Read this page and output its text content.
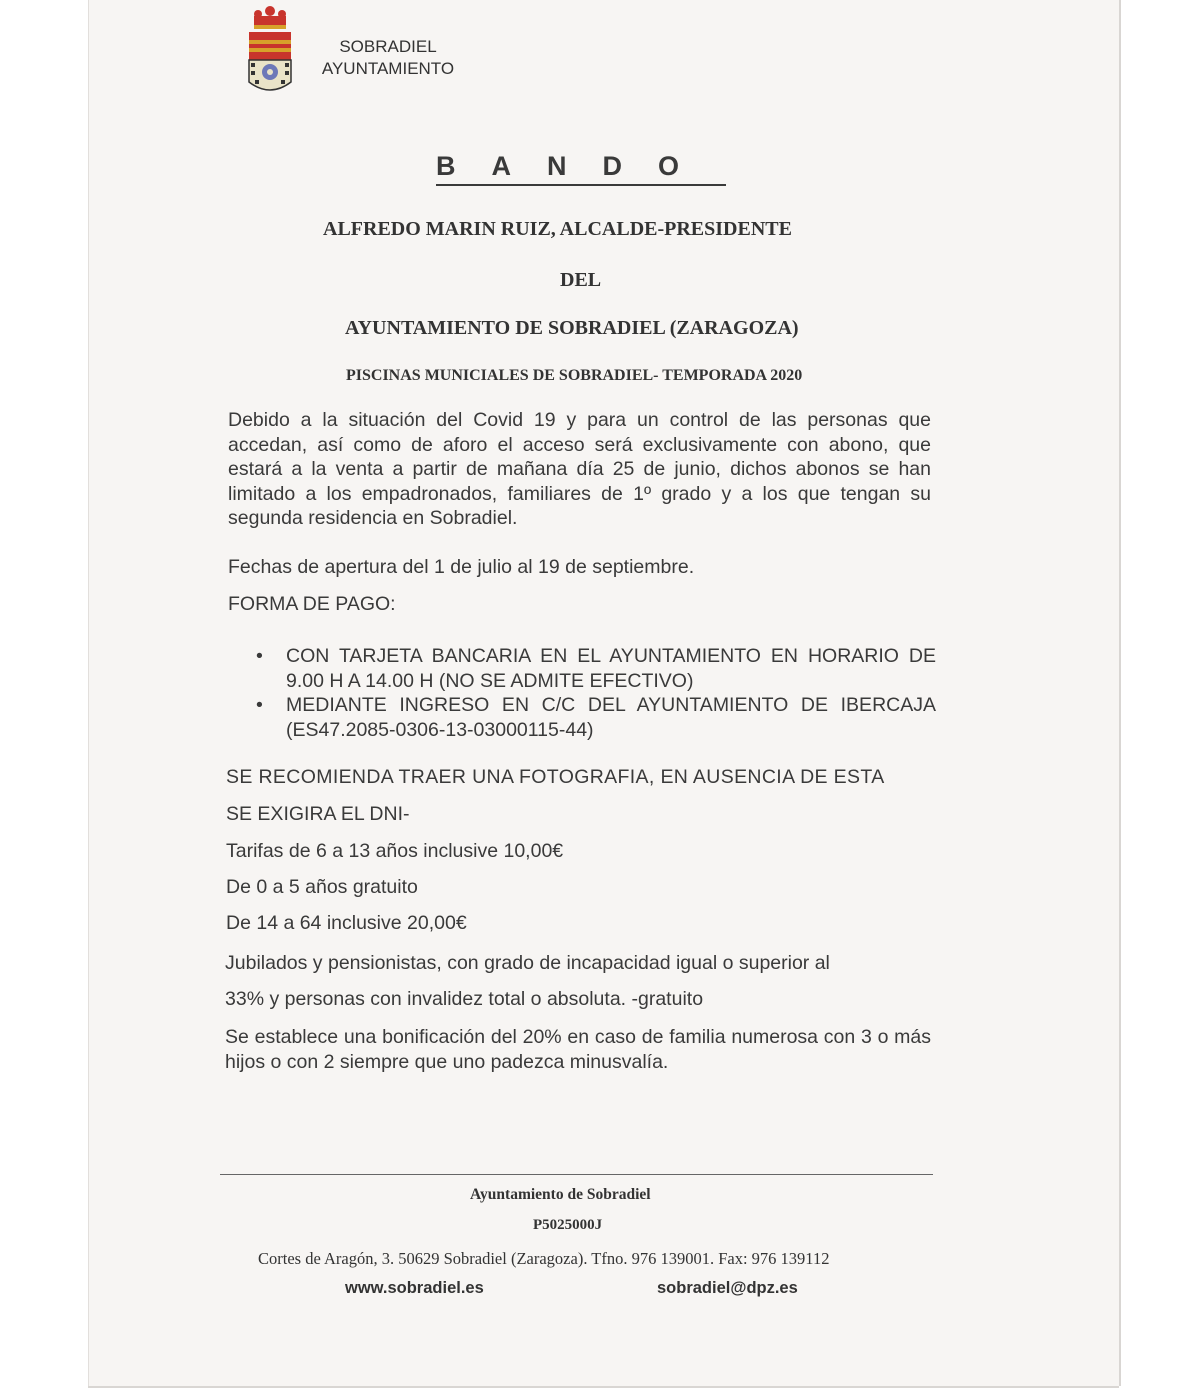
SOBRADIEL
AYUNTAMIENTO
BANDO
ALFREDO MARIN RUIZ, ALCALDE-PRESIDENTE
DEL
AYUNTAMIENTO DE SOBRADIEL (ZARAGOZA)
PISCINAS MUNICIALES DE SOBRADIEL- TEMPORADA 2020
Debido a la situación del Covid 19 y para un control de las personas que accedan, así como de aforo el acceso será exclusivamente con abono, que estará a la venta a partir de mañana día 25 de junio, dichos abonos se han limitado a los empadronados, familiares de 1º grado y a los que tengan su segunda residencia en Sobradiel.
Fechas de apertura del 1 de julio al 19 de septiembre.
FORMA DE PAGO:
•	CON TARJETA BANCARIA EN EL AYUNTAMIENTO EN HORARIO DE 9.00 H A 14.00 H (NO SE ADMITE EFECTIVO)
•	MEDIANTE INGRESO EN C/C DEL AYUNTAMIENTO DE IBERCAJA (ES47.2085-0306-13-03000115-44)
SE RECOMIENDA TRAER UNA FOTOGRAFIA, EN AUSENCIA DE ESTA
SE EXIGIRA EL DNI-
Tarifas de 6 a 13 años inclusive 10,00€
De 0 a 5 años gratuito
De 14 a 64 inclusive 20,00€
Jubilados y pensionistas, con grado de incapacidad igual o superior al
33% y personas con invalidez total o absoluta. -gratuito
Se establece una bonificación del 20% en caso de familia numerosa con 3 o más hijos o con 2 siempre que uno padezca minusvalía.
Ayuntamiento de Sobradiel
P5025000J
Cortes de Aragón, 3. 50629 Sobradiel (Zaragoza). Tfno. 976 139001. Fax: 976 139112
www.sobradiel.es	sobradiel@dpz.es
